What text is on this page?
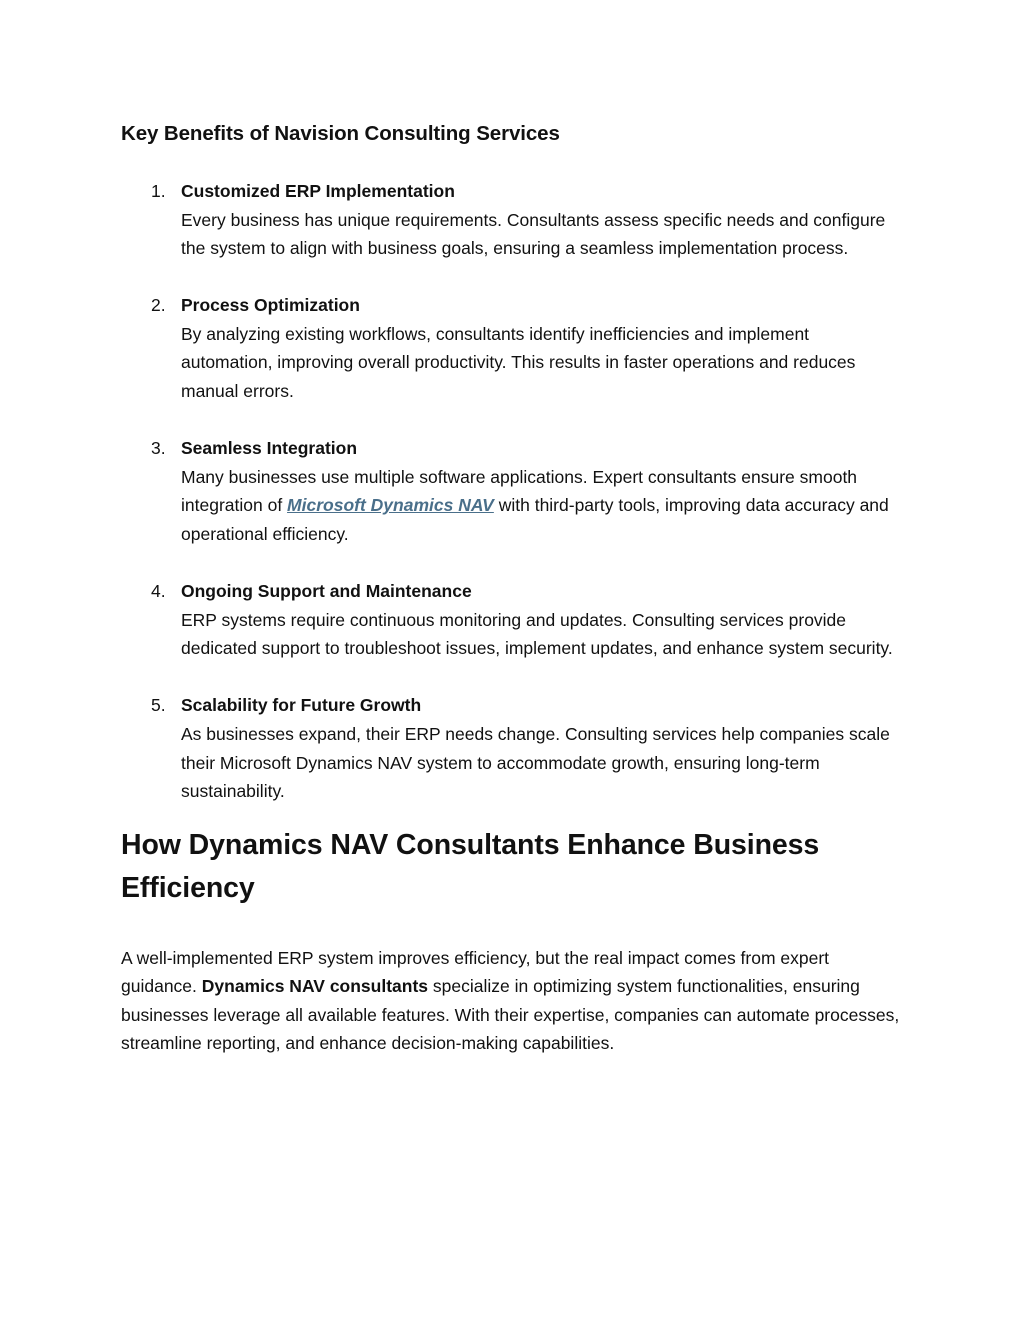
Key Benefits of Navision Consulting Services
1. Customized ERP Implementation
Every business has unique requirements. Consultants assess specific needs and configure the system to align with business goals, ensuring a seamless implementation process.
2. Process Optimization
By analyzing existing workflows, consultants identify inefficiencies and implement automation, improving overall productivity. This results in faster operations and reduces manual errors.
3. Seamless Integration
Many businesses use multiple software applications. Expert consultants ensure smooth integration of Microsoft Dynamics NAV with third-party tools, improving data accuracy and operational efficiency.
4. Ongoing Support and Maintenance
ERP systems require continuous monitoring and updates. Consulting services provide dedicated support to troubleshoot issues, implement updates, and enhance system security.
5. Scalability for Future Growth
As businesses expand, their ERP needs change. Consulting services help companies scale their Microsoft Dynamics NAV system to accommodate growth, ensuring long-term sustainability.
How Dynamics NAV Consultants Enhance Business Efficiency

A well-implemented ERP system improves efficiency, but the real impact comes from expert guidance. Dynamics NAV consultants specialize in optimizing system functionalities, ensuring businesses leverage all available features. With their expertise, companies can automate processes, streamline reporting, and enhance decision-making capabilities.
